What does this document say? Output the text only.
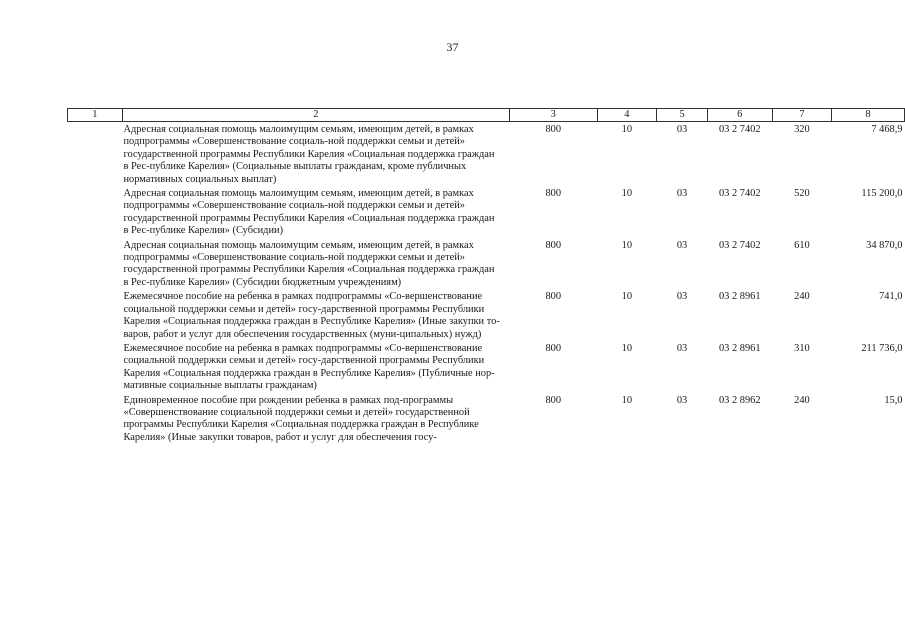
37
1	2	3	4	5	6	7	8
Адресная социальная помощь малоимущим семьям, имеющим детей, в рамках подпрограммы «Совершенствование социаль-ной поддержки семьи и детей» государственной программы Республики Карелия «Социальная поддержка граждан в Рес-публике Карелия» (Социальные выплаты гражданам, кроме публичных нормативных социальных выплат)		800	10	03	03 2 7402	320	7 468,9
Адресная социальная помощь малоимущим семьям, имеющим детей, в рамках подпрограммы «Совершенствование социаль-ной поддержки семьи и детей» государственной программы Республики Карелия «Социальная поддержка граждан в Рес-публике Карелия» (Субсидии)		800	10	03	03 2 7402	520	115 200,0
Адресная социальная помощь малоимущим семьям, имеющим детей, в рамках подпрограммы «Совершенствование социаль-ной поддержки семьи и детей» государственной программы Республики Карелия «Социальная поддержка граждан в Рес-публике Карелия» (Субсидии бюджетным учреждениям)		800	10	03	03 2 7402	610	34 870,0
Ежемесячное пособие на ребенка в рамках подпрограммы «Со-вершенствование социальной поддержки семьи и детей» госу-дарственной программы Республики Карелия «Социальная поддержка граждан в Республике Карелия» (Иные закупки то-варов, работ и услуг для обеспечения государственных (муни-ципальных) нужд)		800	10	03	03 2 8961	240	741,0
Ежемесячное пособие на ребенка в рамках подпрограммы «Со-вершенствование социальной поддержки семьи и детей» госу-дарственной программы Республики Карелия «Социальная поддержка граждан в Республике Карелия» (Публичные нор-мативные социальные выплаты гражданам)		800	10	03	03 2 8961	310	211 736,0
Единовременное пособие при рождении ребенка в рамках под-программы «Совершенствование социальной поддержки семьи и детей» государственной программы Республики Карелия «Социальная поддержка граждан в Республике Карелия» (Иные закупки товаров, работ и услуг для обеспечения госу-		800	10	03	03 2 8962	240	15,0
